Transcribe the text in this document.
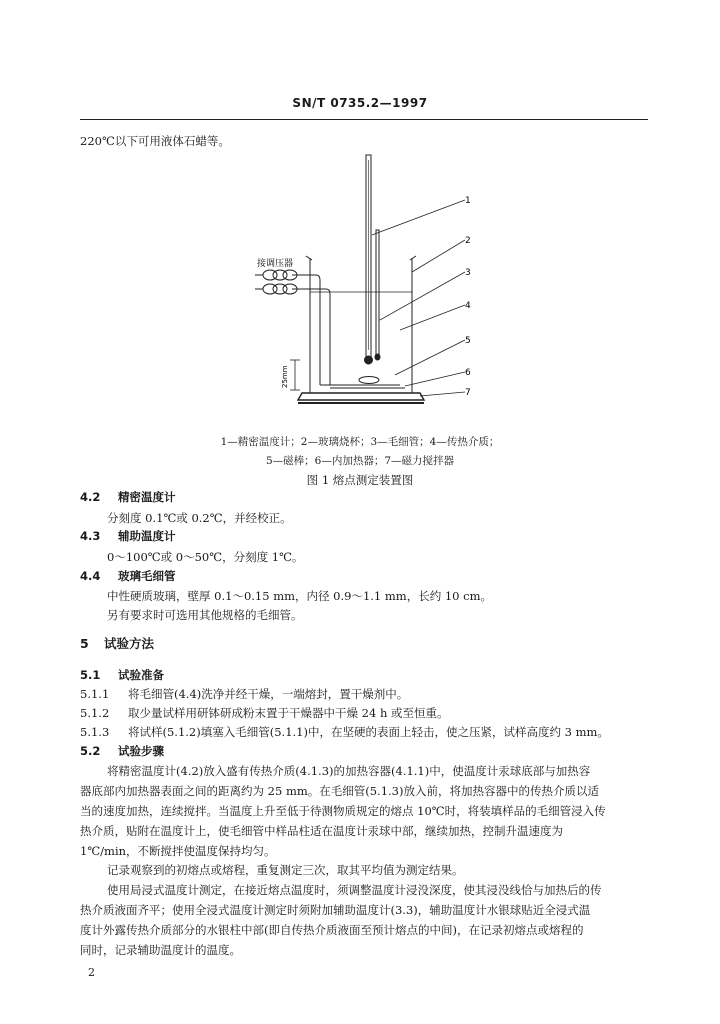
SN/T 0735.2—1997
220℃以下可用液体石蜡等。
接调压器
25mm
1
2
3
4
5
6
7
1—精密温度计；2—玻璃烧杯；3—毛细管；4—传热介质；
5—磁棒；6—内加热器；7—磁力搅拌器
图 1 熔点测定装置图
4.2 精密温度计
分刻度 0.1℃或 0.2℃，并经校正。
4.3 辅助温度计
0～100℃或 0～50℃，分刻度 1℃。
4.4 玻璃毛细管
中性硬质玻璃，壁厚 0.1～0.15 mm，内径 0.9～1.1 mm，长约 10 cm。
另有要求时可选用其他规格的毛细管。
5 试验方法
5.1 试验准备
5.1.1 将毛细管(4.4)洗净并经干燥，一端熔封，置干燥剂中。
5.1.2 取少量试样用研钵研成粉末置于干燥器中干燥 24 h 或至恒重。
5.1.3 将试样(5.1.2)填塞入毛细管(5.1.1)中，在坚硬的表面上轻击，使之压紧，试样高度约 3 mm。
5.2 试验步骤
将精密温度计(4.2)放入盛有传热介质(4.1.3)的加热容器(4.1.1)中，使温度计汞球底部与加热容
器底部内加热器表面之间的距离约为 25 mm。在毛细管(5.1.3)放入前，将加热容器中的传热介质以适
当的速度加热，连续搅拌。当温度上升至低于待测物质规定的熔点 10℃时，将装填样品的毛细管浸入传
热介质，贴附在温度计上，使毛细管中样品柱适在温度计汞球中部，继续加热，控制升温速度为
1℃/min，不断搅拌使温度保持均匀。
记录观察到的初熔点或熔程，重复测定三次，取其平均值为测定结果。
使用局浸式温度计测定，在接近熔点温度时，须调整温度计浸没深度，使其浸没线恰与加热后的传
热介质液面齐平；使用全浸式温度计测定时须附加辅助温度计(3.3)，辅助温度计水银球贴近全浸式温
度计外露传热介质部分的水银柱中部(即自传热介质液面至预计熔点的中间)，在记录初熔点或熔程的
同时，记录辅助温度计的温度。
2
